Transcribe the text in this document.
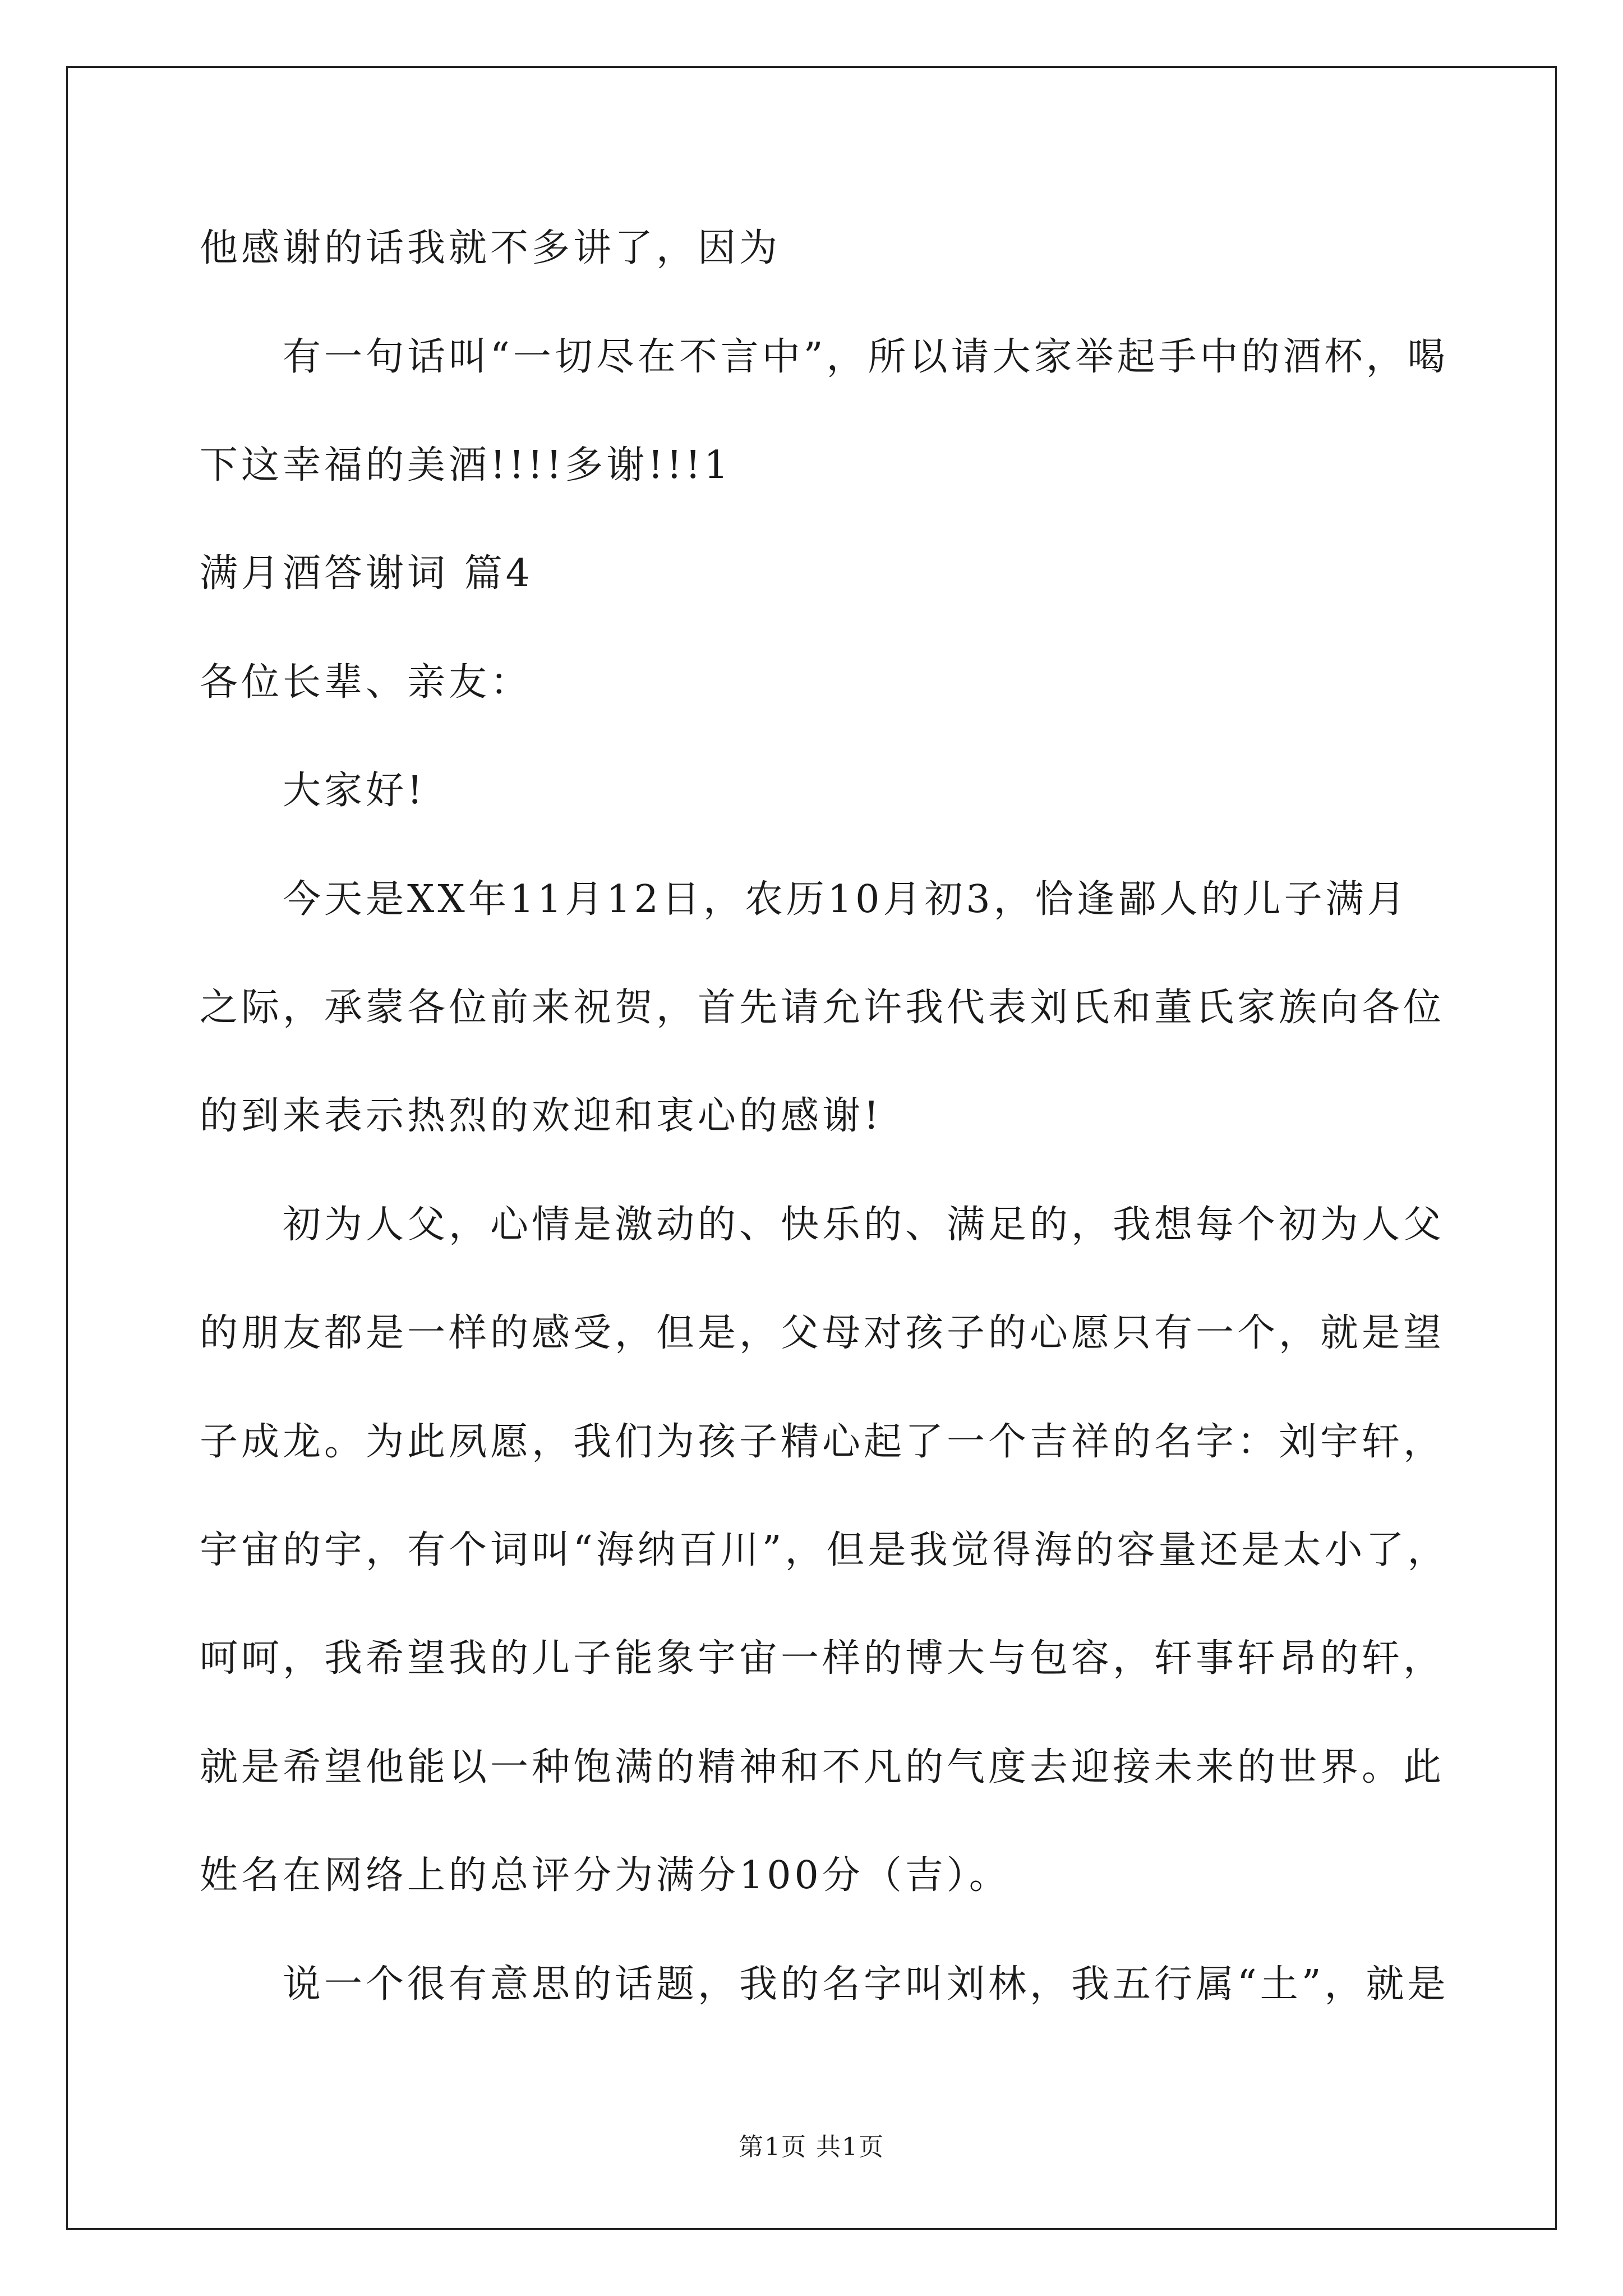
他感谢的话我就不多讲了，因为
有一句话叫“一切尽在不言中”，所以请大家举起手中的酒杯，喝
下这幸福的美酒!!!!多谢!!!1
满月酒答谢词 篇4
各位长辈、亲友：
大家好!
今天是XX年11月12日，农历10月初3，恰逢鄙人的儿子满月
之际，承蒙各位前来祝贺，首先请允许我代表刘氏和董氏家族向各位
的到来表示热烈的欢迎和衷心的感谢!
初为人父，心情是激动的、快乐的、满足的，我想每个初为人父
的朋友都是一样的感受，但是，父母对孩子的心愿只有一个，就是望
子成龙。为此夙愿，我们为孩子精心起了一个吉祥的名字：刘宇轩，
宇宙的宇，有个词叫“海纳百川”，但是我觉得海的容量还是太小了，
呵呵，我希望我的儿子能象宇宙一样的博大与包容，轩事轩昂的轩，
就是希望他能以一种饱满的精神和不凡的气度去迎接未来的世界。此
姓名在网络上的总评分为满分100分（吉）。
说一个很有意思的话题，我的名字叫刘林，我五行属“土”，就是
第1页 共1页
